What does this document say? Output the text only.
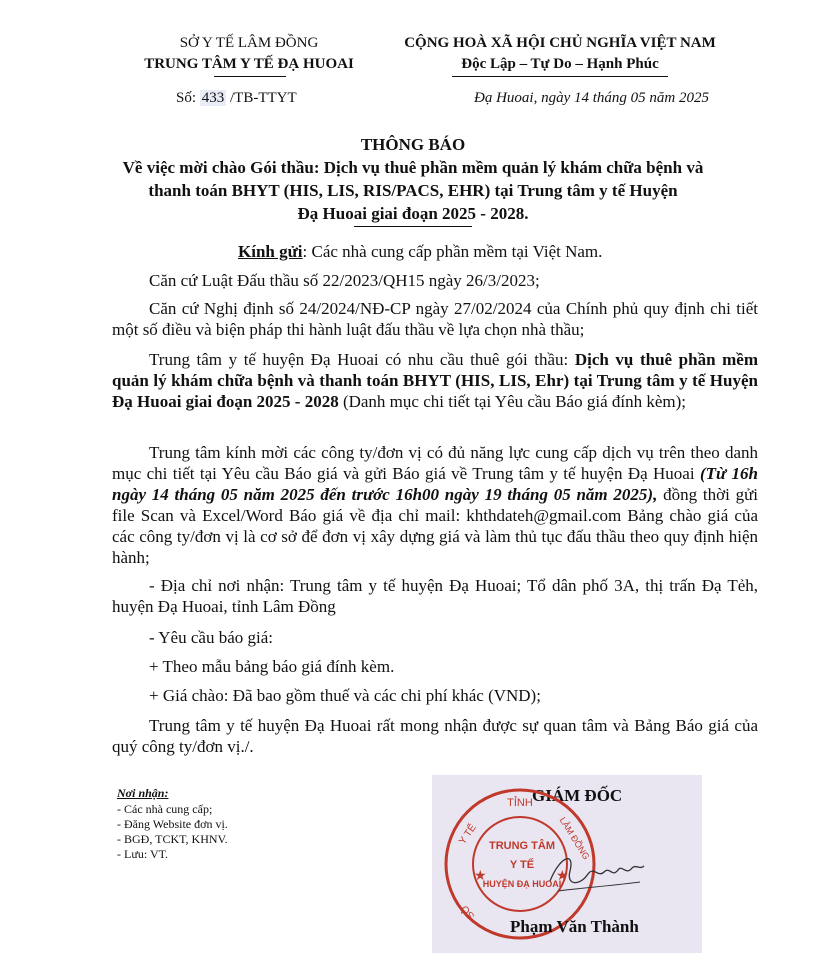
SỞ Y TẾ LÂM ĐỒNG
TRUNG TÂM Y TẾ ĐẠ HUOAI
CỘNG HOÀ XÃ HỘI CHỦ NGHĨA VIỆT NAM
Độc Lập – Tự Do – Hạnh Phúc
Số: 433 /TB-TTYT	Đạ Huoai, ngày 14 tháng 05 năm 2025
THÔNG BÁO
Về việc mời chào Gói thầu: Dịch vụ thuê phần mềm quản lý khám chữa bệnh và
thanh toán BHYT (HIS, LIS, RIS/PACS, EHR) tại Trung tâm y tế Huyện
Đạ Huoai giai đoạn 2025 - 2028.
Kính gửi: Các nhà cung cấp phần mềm tại Việt Nam.
Căn cứ Luật Đấu thầu số 22/2023/QH15 ngày 26/3/2023;
Căn cứ Nghị định số 24/2024/NĐ-CP ngày 27/02/2024 của Chính phủ quy định chi tiết một số điều và biện pháp thi hành luật đấu thầu về lựa chọn nhà thầu;
Trung tâm y tế huyện Đạ Huoai có nhu cầu thuê gói thầu: Dịch vụ thuê phần mềm quản lý khám chữa bệnh và thanh toán BHYT (HIS, LIS, Ehr) tại Trung tâm y tế Huyện Đạ Huoai giai đoạn 2025 - 2028 (Danh mục chi tiết tại Yêu cầu Báo giá đính kèm);
Trung tâm kính mời các công ty/đơn vị có đủ năng lực cung cấp dịch vụ trên theo danh mục chi tiết tại Yêu cầu Báo giá và gửi Báo giá về Trung tâm y tế huyện Đạ Huoai (Từ 16h ngày 14 tháng 05 năm 2025 đến trước 16h00 ngày 19 tháng 05 năm 2025), đồng thời gửi file Scan và Excel/Word Báo giá về địa chỉ mail: khthdateh@gmail.com Bảng chào giá của các công ty/đơn vị là cơ sở để đơn vị xây dựng giá và làm thủ tục đấu thầu theo quy định hiện hành;
- Địa chỉ nơi nhận: Trung tâm y tế huyện Đạ Huoai; Tổ dân phố 3A, thị trấn Đạ Tẻh, huyện Đạ Huoai, tỉnh Lâm Đồng
- Yêu cầu báo giá:
+ Theo mẫu bảng báo giá đính kèm.
+ Giá chào: Đã bao gồm thuế và các chi phí khác (VND);
Trung tâm y tế huyện Đạ Huoai rất mong nhận được sự quan tâm và Bảng Báo giá của quý công ty/đơn vị./.
Nơi nhận:
- Các nhà cung cấp;
- Đăng Website đơn vị.
- BGĐ, TCKT, KHNV.
- Lưu: VT.
GIÁM ĐỐC
TỈNH
Y TẾ	LÂM ĐỒNG
SỞ
TRUNG TÂM
Y TẾ
HUYỆN ĐẠ HUOAI
★	★
Phạm Văn Thành
